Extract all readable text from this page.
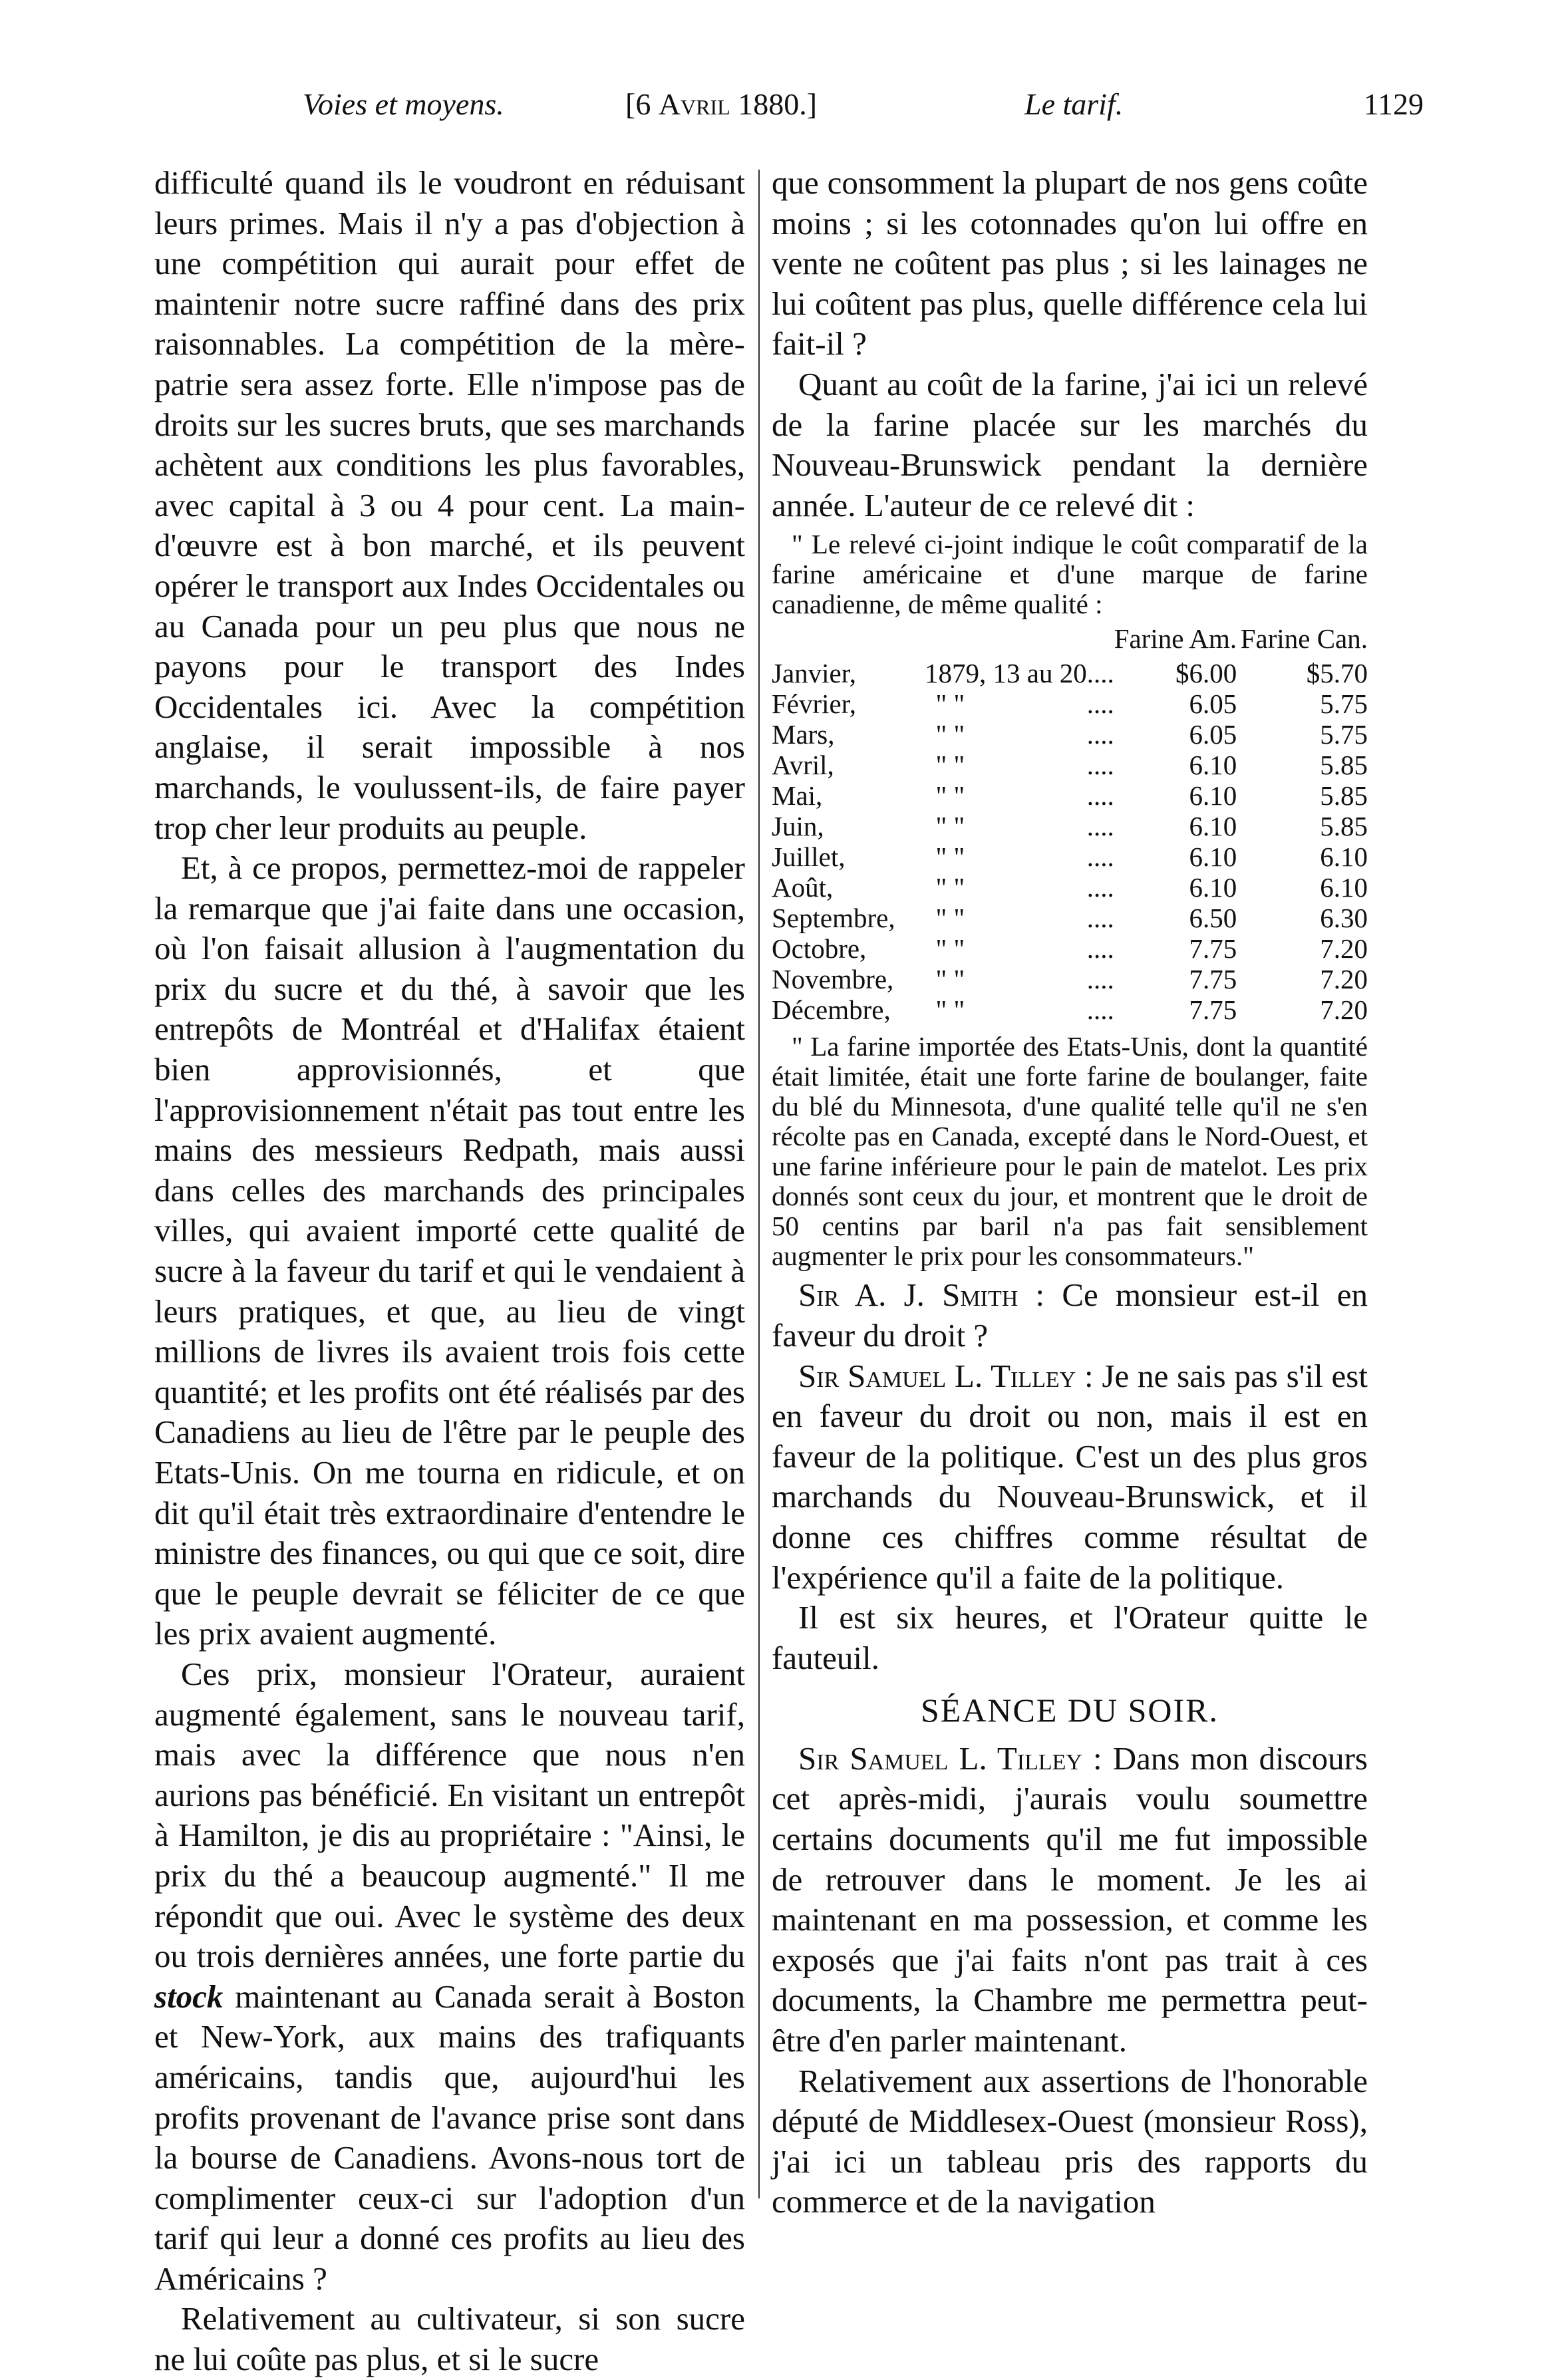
Voies et moyens.	[6 Avril 1880.]	Le tarif.	1129

difficulté quand ils le voudront en réduisant leurs primes. Mais il n'y a pas d'objection à une compétition qui aurait pour effet de maintenir notre sucre raffiné dans des prix raisonnables. La compétition de la mère-patrie sera assez forte. Elle n'impose pas de droits sur les sucres bruts, que ses marchands achètent aux conditions les plus favorables, avec capital à 3 ou 4 pour cent. La main-d'œuvre est à bon marché, et ils peuvent opérer le transport aux Indes Occidentales ou au Canada pour un peu plus que nous ne payons pour le transport des Indes Occidentales ici. Avec la compétition anglaise, il serait impossible à nos marchands, le voulussent-ils, de faire payer trop cher leur produits au peuple.

Et, à ce propos, permettez-moi de rappeler la remarque que j'ai faite dans une occasion, où l'on faisait allusion à l'augmentation du prix du sucre et du thé, à savoir que les entrepôts de Montréal et d'Halifax étaient bien approvisionnés, et que l'approvisionnement n'était pas tout entre les mains des messieurs Redpath, mais aussi dans celles des marchands des principales villes, qui avaient importé cette qualité de sucre à la faveur du tarif et qui le vendaient à leurs pratiques, et que, au lieu de vingt millions de livres ils avaient trois fois cette quantité; et les profits ont été réalisés par des Canadiens au lieu de l'être par le peuple des Etats-Unis. On me tourna en ridicule, et on dit qu'il était très extraordinaire d'entendre le ministre des finances, ou qui que ce soit, dire que le peuple devrait se féliciter de ce que les prix avaient augmenté.

Ces prix, monsieur l'Orateur, auraient augmenté également, sans le nouveau tarif, mais avec la différence que nous n'en aurions pas bénéficié. En visitant un entrepôt à Hamilton, je dis au propriétaire : "Ainsi, le prix du thé a beaucoup augmenté." Il me répondit que oui. Avec le système des deux ou trois dernières années, une forte partie du stock maintenant au Canada serait à Boston et New-York, aux mains des trafiquants américains, tandis que, aujourd'hui les profits provenant de l'avance prise sont dans la bourse de Canadiens. Avons-nous tort de complimenter ceux-ci sur l'adoption d'un tarif qui leur a donné ces profits au lieu des Américains ?

Relativement au cultivateur, si son sucre ne lui coûte pas plus, et si le sucre

que consomment la plupart de nos gens coûte moins ; si les cotonnades qu'on lui offre en vente ne coûtent pas plus ; si les lainages ne lui coûtent pas plus, quelle différence cela lui fait-il ?

Quant au coût de la farine, j'ai ici un relevé de la farine placée sur les marchés du Nouveau-Brunswick pendant la dernière année. L'auteur de ce relevé dit :

" Le relevé ci-joint indique le coût comparatif de la farine américaine et d'une marque de farine canadienne, de même qualité :

			Farine Am.	Farine Can.
Janvier,	1879, 13 au 20....		$6.00	$5.70
Février,	" "	....	6.05	5.75
Mars,	" "	....	6.05	5.75
Avril,	" "	....	6.10	5.85
Mai,	" "	....	6.10	5.85
Juin,	" "	....	6.10	5.85
Juillet,	" "	....	6.10	6.10
Août,	" "	....	6.10	6.10
Septembre,	" "	....	6.50	6.30
Octobre,	" "	....	7.75	7.20
Novembre,	" "	....	7.75	7.20
Décembre,	" "	....	7.75	7.20

" La farine importée des Etats-Unis, dont la quantité était limitée, était une forte farine de boulanger, faite du blé du Minnesota, d'une qualité telle qu'il ne s'en récolte pas en Canada, excepté dans le Nord-Ouest, et une farine inférieure pour le pain de matelot. Les prix donnés sont ceux du jour, et montrent que le droit de 50 centins par baril n'a pas fait sensiblement augmenter le prix pour les consommateurs."

Sir A. J. Smith : Ce monsieur est-il en faveur du droit ?

Sir Samuel L. Tilley : Je ne sais pas s'il est en faveur du droit ou non, mais il est en faveur de la politique. C'est un des plus gros marchands du Nouveau-Brunswick, et il donne ces chiffres comme résultat de l'expérience qu'il a faite de la politique.

Il est six heures, et l'Orateur quitte le fauteuil.

SÉANCE DU SOIR.

Sir Samuel L. Tilley : Dans mon discours cet après-midi, j'aurais voulu soumettre certains documents qu'il me fut impossible de retrouver dans le moment. Je les ai maintenant en ma possession, et comme les exposés que j'ai faits n'ont pas trait à ces documents, la Chambre me permettra peut-être d'en parler maintenant.

Relativement aux assertions de l'honorable député de Middlesex-Ouest (monsieur Ross), j'ai ici un tableau pris des rapports du commerce et de la navigation
